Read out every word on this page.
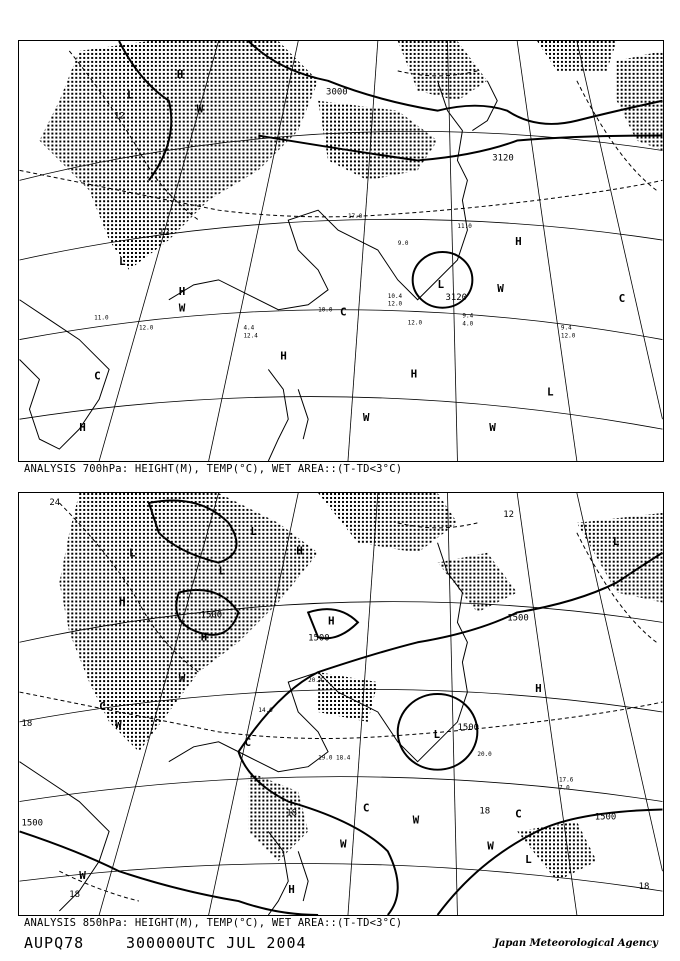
3000
3120
3120
12
12
H
L
H
W
C
L
H
W
W
C
H
H
W
L
C
H
W
L
11.0
12.0
10.4
12.0
10.0
12.0
9.0
9.4
4.0
9.4
12.0
4.4
12.4
11.0
17.0
ANALYSIS 700hPa: HEIGHT(M), TEMP(°C), WET AREA::(T-TD<3°C)
1500
1500
1500
1500
1500
1500
24
18
18	18
18
18
12
L
H
L
H
H
H
H
C
W
L
C
W	C
L
W
W
W
C
H
L
W
L
19.0
17.6
7.0
20.4
14.6
18.4
20.0
ANALYSIS 850hPa: HEIGHT(M), TEMP(°C), WET AREA::(T-TD<3°C)
AUPQ78	300000UTC JUL 2004	Japan Meteorological Agency
